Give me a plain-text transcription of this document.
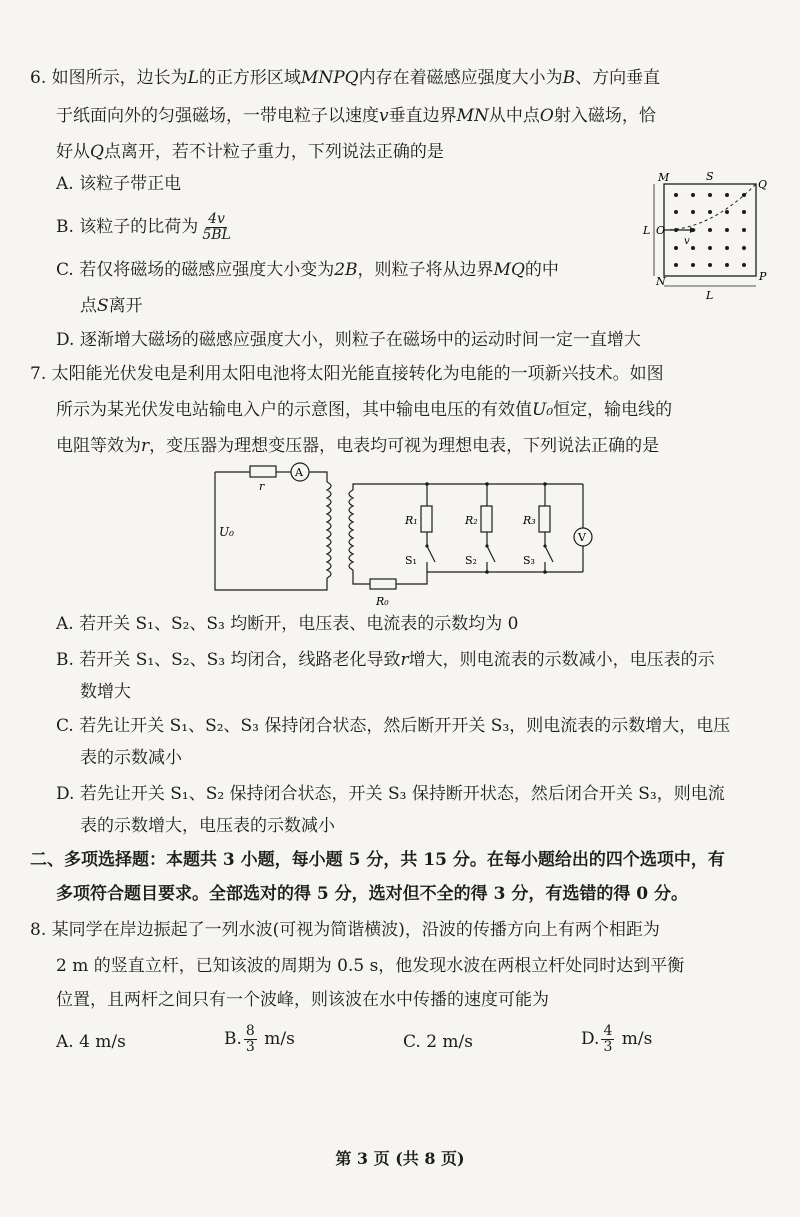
6. 如图所示，边长为L的正方形区域MNPQ内存在着磁感应强度大小为B、方向垂直
于纸面向外的匀强磁场，一带电粒子以速度v垂直边界MN从中点O射入磁场，恰
好从Q点离开，若不计粒子重力，下列说法正确的是
A. 该粒子带正电
B. 该粒子的比荷为 $\frac{4v}{5BL}$
C. 若仅将磁场的磁感应强度大小变为2B，则粒子将从边界MQ的中
点S离开
D. 逐渐增大磁场的磁感应强度大小，则粒子在磁场中的运动时间一定一直增大
M	S
Q
L O
v
N	P
L
7. 太阳能光伏发电是利用太阳电池将太阳光能直接转化为电能的一项新兴技术。如图
所示为某光伏发电站输电入户的示意图，其中输电电压的有效值U₀恒定，输电线的
电阻等效为r，变压器为理想变压器，电表均可视为理想电表，下列说法正确的是
r
A
U₀
R₁	R₂	R₃
S₁	S₂	S₃
R₀
V
A. 若开关 S₁、S₂、S₃ 均断开，电压表、电流表的示数均为 0
B. 若开关 S₁、S₂、S₃ 均闭合，线路老化导致r增大，则电流表的示数减小，电压表的示
数增大
C. 若先让开关 S₁、S₂、S₃ 保持闭合状态，然后断开开关 S₃，则电流表的示数增大，电压
表的示数减小
D. 若先让开关 S₁、S₂ 保持闭合状态，开关 S₃ 保持断开状态，然后闭合开关 S₃，则电流
表的示数增大，电压表的示数减小
二、多项选择题：本题共 3 小题，每小题 5 分，共 15 分。在每小题给出的四个选项中，有
多项符合题目要求。全部选对的得 5 分，选对但不全的得 3 分，有选错的得 0 分。
8. 某同学在岸边振起了一列水波(可视为简谐横波)，沿波的传播方向上有两个相距为
2 m 的竖直立杆，已知该波的周期为 0.5 s，他发现水波在两根立杆处同时达到平衡
位置，且两杆之间只有一个波峰，则该波在水中传播的速度可能为
A. 4 m/s	B. $\frac{8}{3} m/s$	C. 2 m/s	D. $\frac{4}{3} m/s$
第 3 页 (共 8 页)
